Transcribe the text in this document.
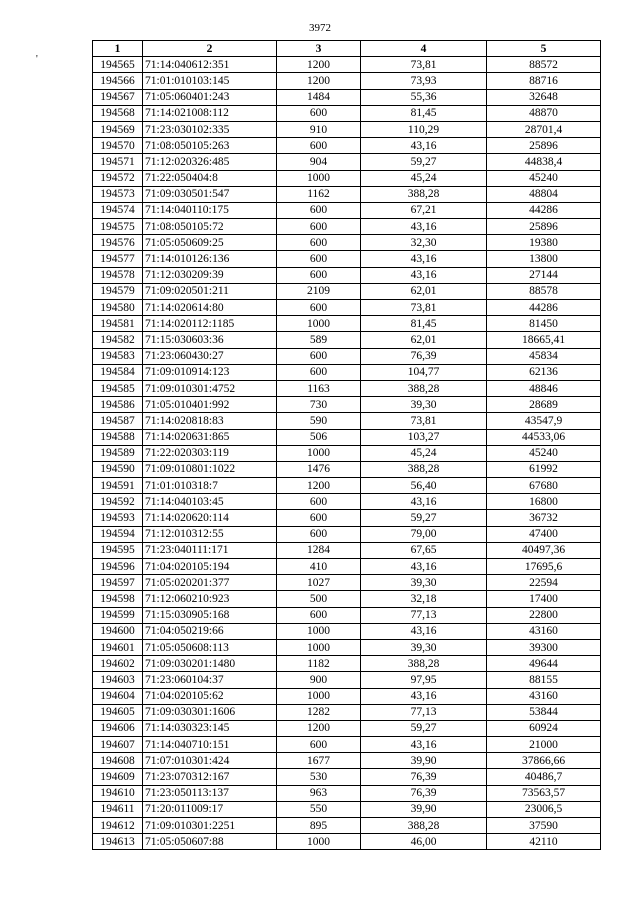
3972
'
1	2	3	4	5
194565	71:14:040612:351	1200	73,81	88572
194566	71:01:010103:145	1200	73,93	88716
194567	71:05:060401:243	1484	55,36	32648
194568	71:14:021008:112	600	81,45	48870
194569	71:23:030102:335	910	110,29	28701,4
194570	71:08:050105:263	600	43,16	25896
194571	71:12:020326:485	904	59,27	44838,4
194572	71:22:050404:8	1000	45,24	45240
194573	71:09:030501:547	1162	388,28	48804
194574	71:14:040110:175	600	67,21	44286
194575	71:08:050105:72	600	43,16	25896
194576	71:05:050609:25	600	32,30	19380
194577	71:14:010126:136	600	43,16	13800
194578	71:12:030209:39	600	43,16	27144
194579	71:09:020501:211	2109	62,01	88578
194580	71:14:020614:80	600	73,81	44286
194581	71:14:020112:1185	1000	81,45	81450
194582	71:15:030603:36	589	62,01	18665,41
194583	71:23:060430:27	600	76,39	45834
194584	71:09:010914:123	600	104,77	62136
194585	71:09:010301:4752	1163	388,28	48846
194586	71:05:010401:992	730	39,30	28689
194587	71:14:020818:83	590	73,81	43547,9
194588	71:14:020631:865	506	103,27	44533,06
194589	71:22:020303:119	1000	45,24	45240
194590	71:09:010801:1022	1476	388,28	61992
194591	71:01:010318:7	1200	56,40	67680
194592	71:14:040103:45	600	43,16	16800
194593	71:14:020620:114	600	59,27	36732
194594	71:12:010312:55	600	79,00	47400
194595	71:23:040111:171	1284	67,65	40497,36
194596	71:04:020105:194	410	43,16	17695,6
194597	71:05:020201:377	1027	39,30	22594
194598	71:12:060210:923	500	32,18	17400
194599	71:15:030905:168	600	77,13	22800
194600	71:04:050219:66	1000	43,16	43160
194601	71:05:050608:113	1000	39,30	39300
194602	71:09:030201:1480	1182	388,28	49644
194603	71:23:060104:37	900	97,95	88155
194604	71:04:020105:62	1000	43,16	43160
194605	71:09:030301:1606	1282	77,13	53844
194606	71:14:030323:145	1200	59,27	60924
194607	71:14:040710:151	600	43,16	21000
194608	71:07:010301:424	1677	39,90	37866,66
194609	71:23:070312:167	530	76,39	40486,7
194610	71:23:050113:137	963	76,39	73563,57
194611	71:20:011009:17	550	39,90	23006,5
194612	71:09:010301:2251	895	388,28	37590
194613	71:05:050607:88	1000	46,00	42110
